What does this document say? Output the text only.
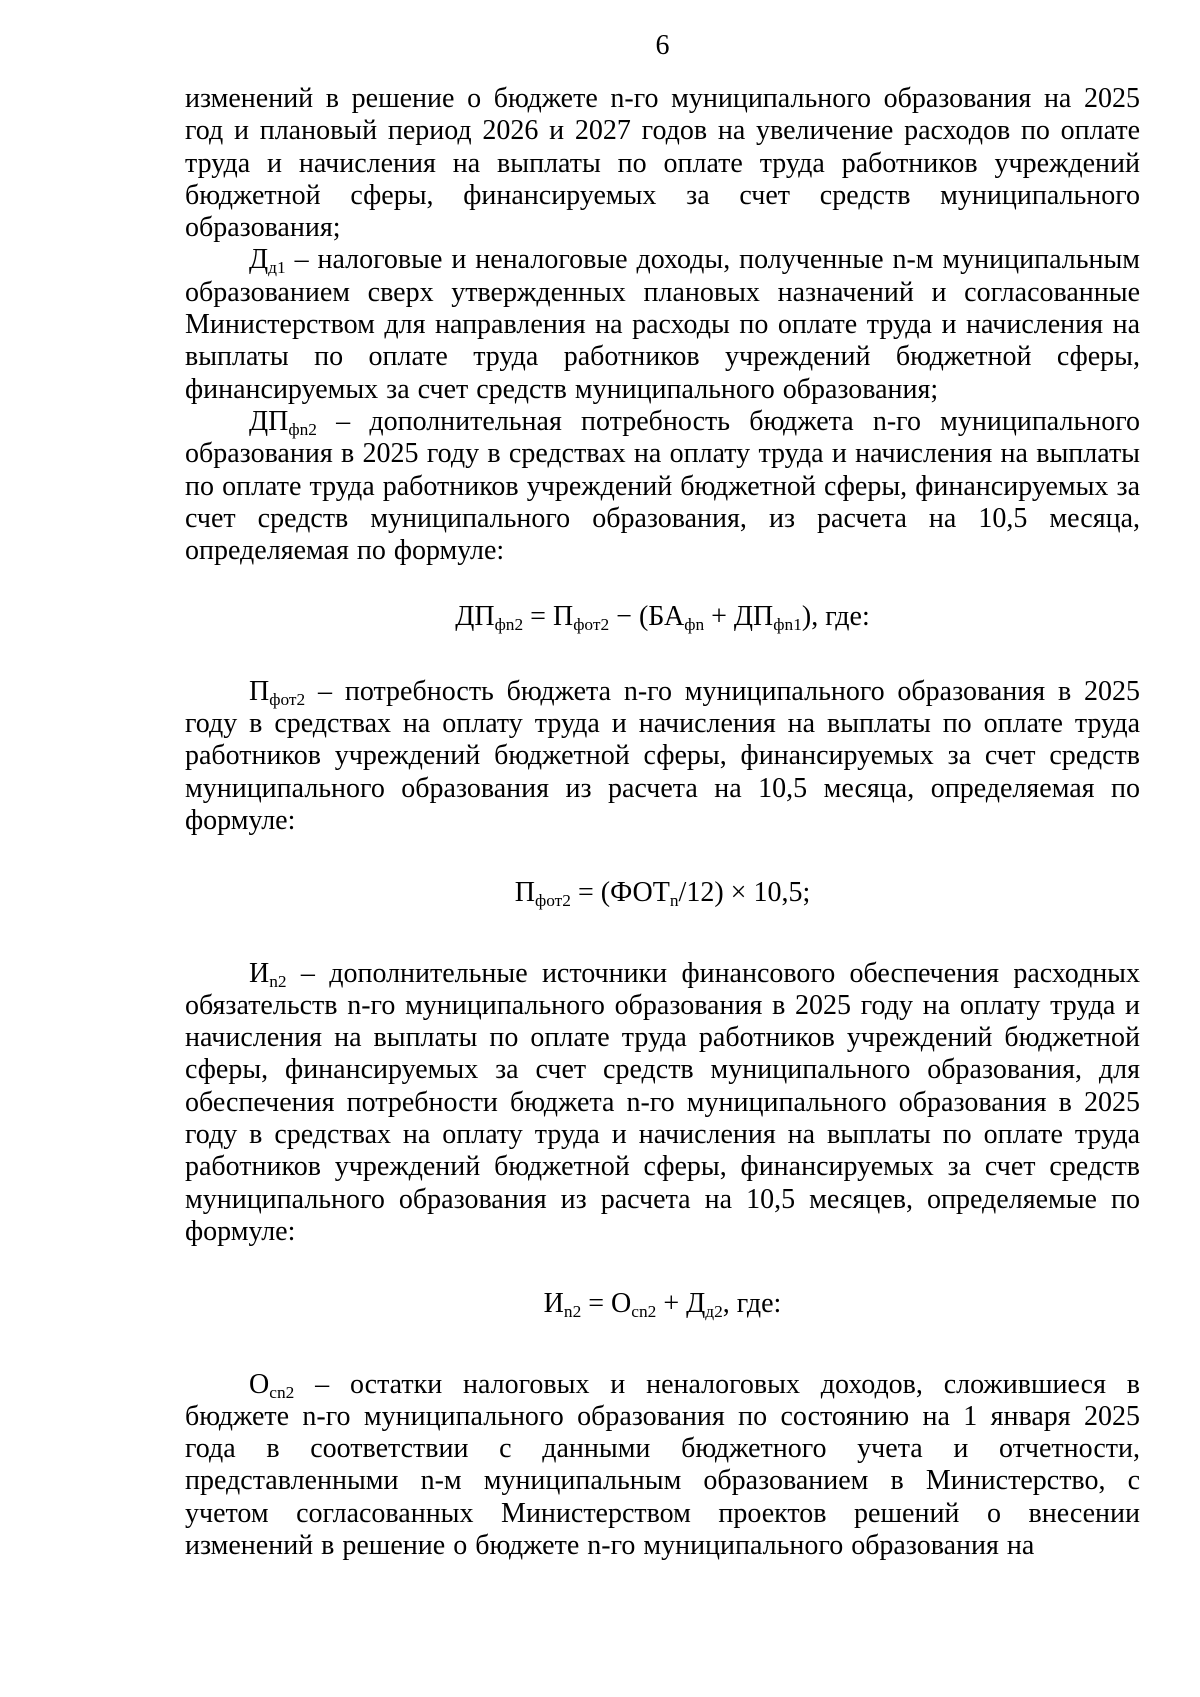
6

изменений в решение о бюджете n-го муниципального образования на 2025 год и плановый период 2026 и 2027 годов на увеличение расходов по оплате труда и начисления на выплаты по оплате труда работников учреждений бюджетной сферы, финансируемых за счет средств муниципального образования;

$Д_{д1}$ – налоговые и неналоговые доходы, полученные n-м муниципальным образованием сверх утвержденных плановых назначений и согласованные Министерством для направления на расходы по оплате труда и начисления на выплаты по оплате труда работников учреждений бюджетной сферы, финансируемых за счет средств муниципального образования;

$ДП_{фn2}$ – дополнительная потребность бюджета n-го муниципального образования в 2025 году в средствах на оплату труда и начисления на выплаты по оплате труда работников учреждений бюджетной сферы, финансируемых за счет средств муниципального образования, из расчета на 10,5 месяца, определяемая по формуле:

$ДП_{фn2} = П_{фот2} - (БА_{фn} + ДП_{фn1})$, где:

$П_{фот2}$ – потребность бюджета n-го муниципального образования в 2025 году в средствах на оплату труда и начисления на выплаты по оплате труда работников учреждений бюджетной сферы, финансируемых за счет средств муниципального образования из расчета на 10,5 месяца, определяемая по формуле:

$П_{фот2} = (ФОТ_n/12) \times 10,5$;

$И_{n2}$ – дополнительные источники финансового обеспечения расходных обязательств n-го муниципального образования в 2025 году на оплату труда и начисления на выплаты по оплате труда работников учреждений бюджетной сферы, финансируемых за счет средств муниципального образования, для обеспечения потребности бюджета n-го муниципального образования в 2025 году в средствах на оплату труда и начисления на выплаты по оплате труда работников учреждений бюджетной сферы, финансируемых за счет средств муниципального образования из расчета на 10,5 месяцев, определяемые по формуле:

$И_{n2} = О_{сn2} + Д_{д2}$, где:

$О_{сn2}$ – остатки налоговых и неналоговых доходов, сложившиеся в бюджете n-го муниципального образования по состоянию на 1 января 2025 года в соответствии с данными бюджетного учета и отчетности, представленными n-м муниципальным образованием в Министерство, с учетом согласованных Министерством проектов решений о внесении изменений в решение о бюджете n-го муниципального образования на
